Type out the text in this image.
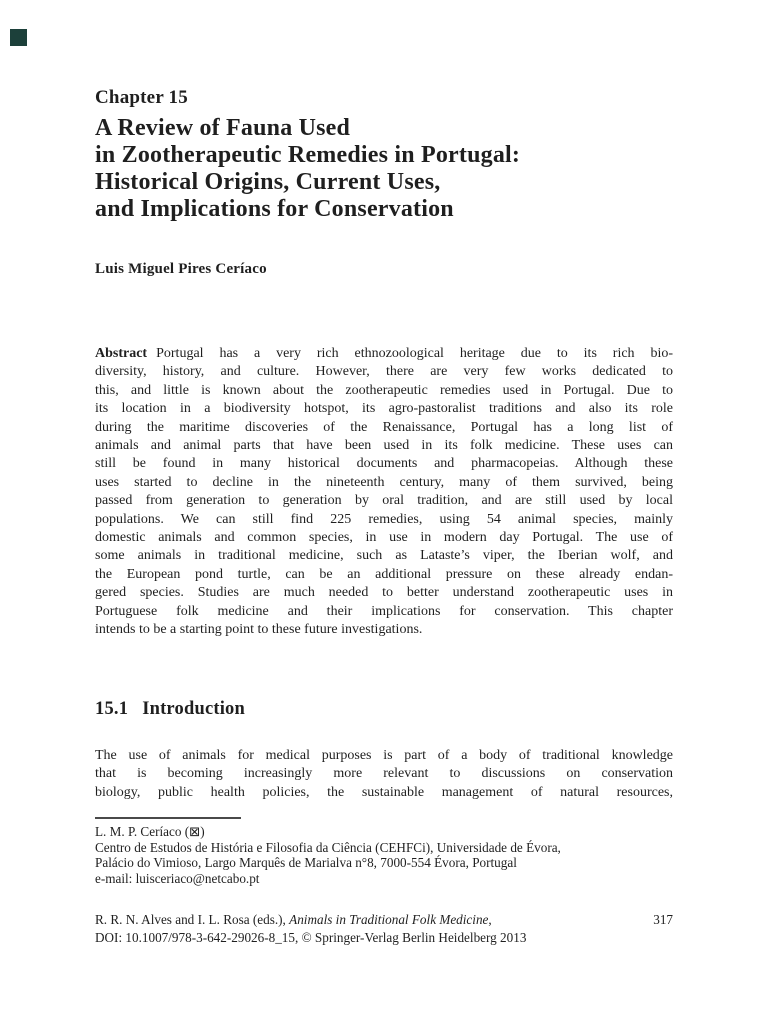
Chapter 15
A Review of Fauna Used
in Zootherapeutic Remedies in Portugal:
Historical Origins, Current Uses,
and Implications for Conservation
Luis Miguel Pires Ceríaco
Abstract Portugal has a very rich ethnozoological heritage due to its rich bio-
diversity, history, and culture. However, there are very few works dedicated to
this, and little is known about the zootherapeutic remedies used in Portugal. Due to
its location in a biodiversity hotspot, its agro-pastoralist traditions and also its role
during the maritime discoveries of the Renaissance, Portugal has a long list of
animals and animal parts that have been used in its folk medicine. These uses can
still be found in many historical documents and pharmacopeias. Although these
uses started to decline in the nineteenth century, many of them survived, being
passed from generation to generation by oral tradition, and are still used by local
populations. We can still find 225 remedies, using 54 animal species, mainly
domestic animals and common species, in use in modern day Portugal. The use of
some animals in traditional medicine, such as Lataste’s viper, the Iberian wolf, and
the European pond turtle, can be an additional pressure on these already endan-
gered species. Studies are much needed to better understand zootherapeutic uses in
Portuguese folk medicine and their implications for conservation. This chapter
intends to be a starting point to these future investigations.
15.1 Introduction
The use of animals for medical purposes is part of a body of traditional knowledge
that is becoming increasingly more relevant to discussions on conservation
biology, public health policies, the sustainable management of natural resources,
L. M. P. Ceríaco (⊠)
Centro de Estudos de História e Filosofia da Ciência (CEHFCi), Universidade de Évora,
Palácio do Vimioso, Largo Marquês de Marialva n°8, 7000-554 Évora, Portugal
e-mail: luisceriaco@netcabo.pt
R. R. N. Alves and I. L. Rosa (eds.), Animals in Traditional Folk Medicine,	317
DOI: 10.1007/978-3-642-29026-8_15, © Springer-Verlag Berlin Heidelberg 2013
